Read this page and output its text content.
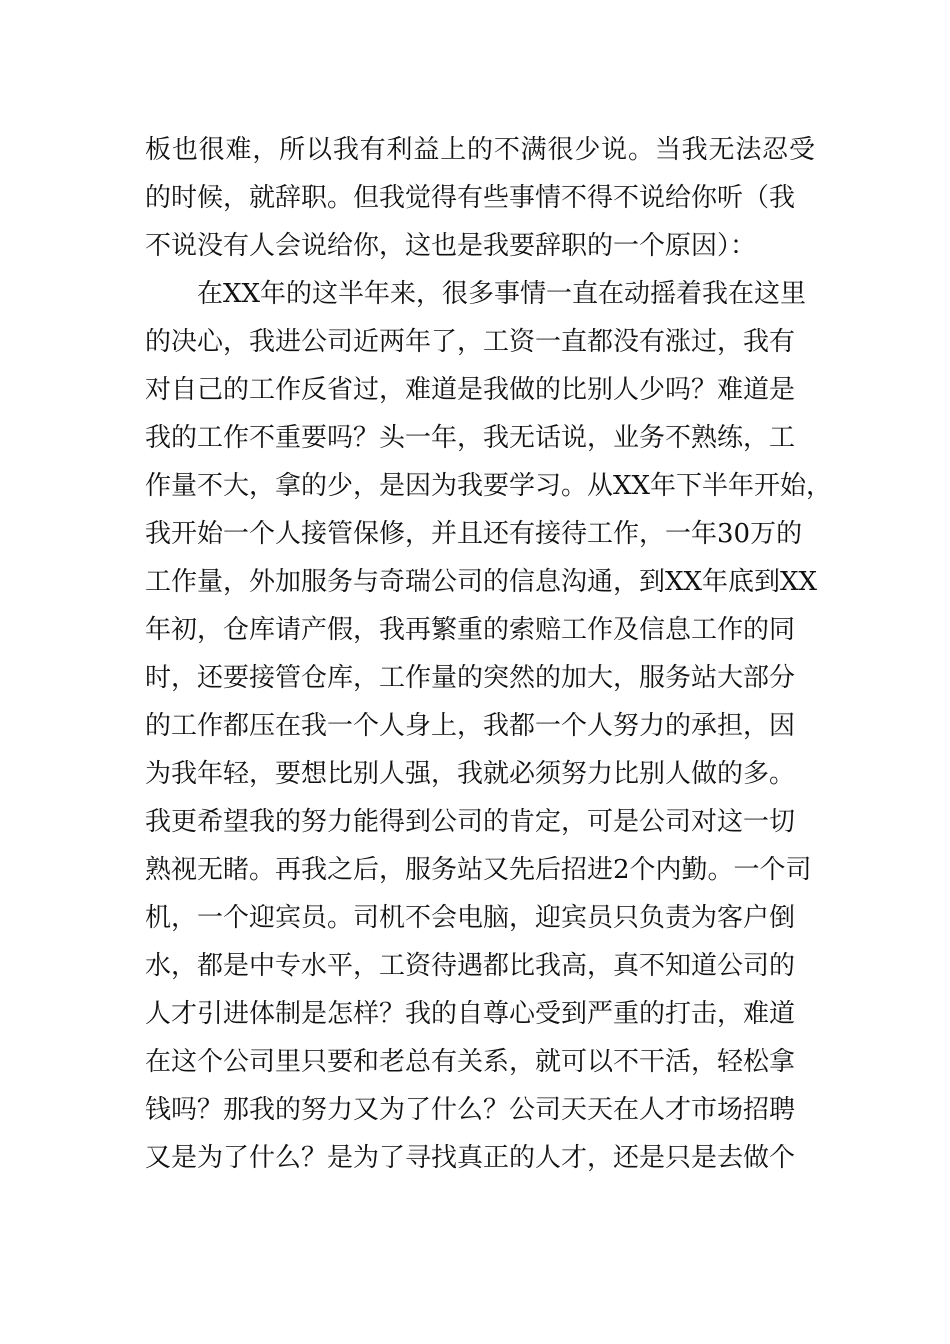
板也很难，所以我有利益上的不满很少说。当我无法忍受
的时候，就辞职。但我觉得有些事情不得不说给你听（我
不说没有人会说给你，这也是我要辞职的一个原因）：
　　在XX年的这半年来，很多事情一直在动摇着我在这里
的决心，我进公司近两年了，工资一直都没有涨过，我有
对自己的工作反省过，难道是我做的比别人少吗？难道是
我的工作不重要吗？头一年，我无话说，业务不熟练，工
作量不大，拿的少，是因为我要学习。从XX年下半年开始，
我开始一个人接管保修，并且还有接待工作，一年30万的
工作量，外加服务与奇瑞公司的信息沟通，到XX年底到XX
年初，仓库请产假，我再繁重的索赔工作及信息工作的同
时，还要接管仓库，工作量的突然的加大，服务站大部分
的工作都压在我一个人身上，我都一个人努力的承担，因
为我年轻，要想比别人强，我就必须努力比别人做的多。
我更希望我的努力能得到公司的肯定，可是公司对这一切
熟视无睹。再我之后，服务站又先后招进2个内勤。一个司
机，一个迎宾员。司机不会电脑，迎宾员只负责为客户倒
水，都是中专水平，工资待遇都比我高，真不知道公司的
人才引进体制是怎样？我的自尊心受到严重的打击，难道
在这个公司里只要和老总有关系，就可以不干活，轻松拿
钱吗？那我的努力又为了什么？公司天天在人才市场招聘
又是为了什么？是为了寻找真正的人才，还是只是去做个
